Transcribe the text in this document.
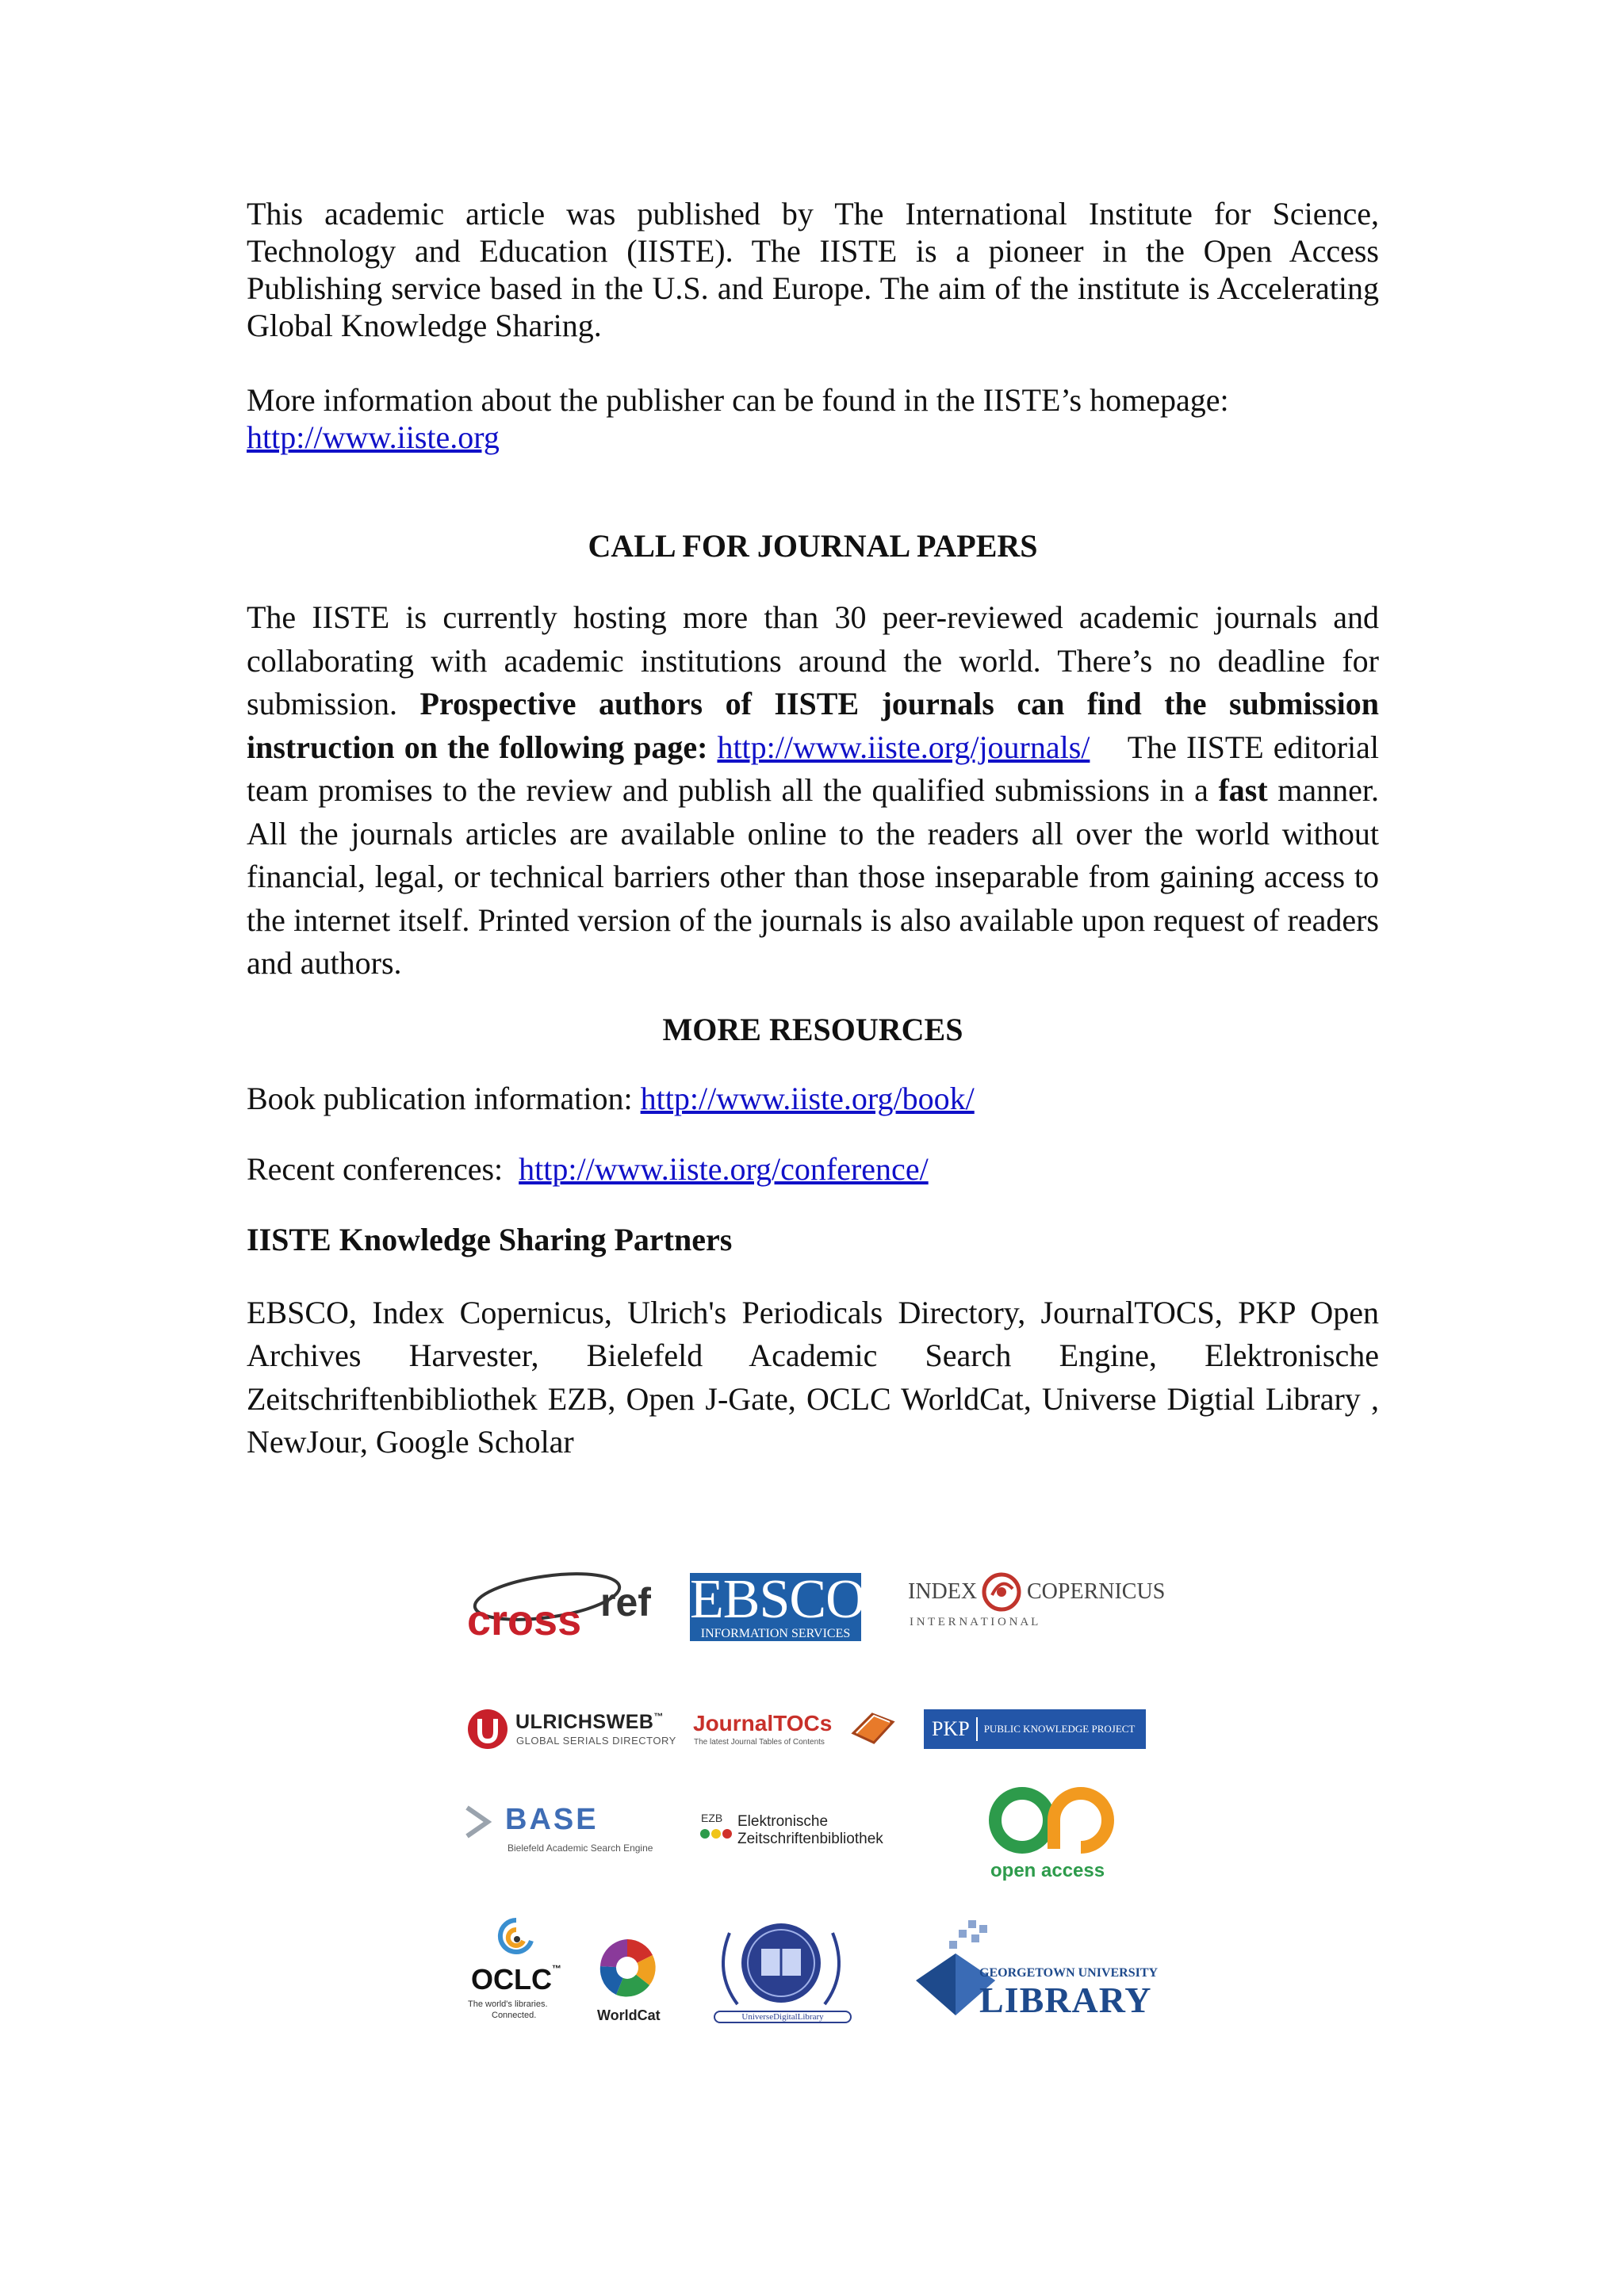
This academic article was published by The International Institute for Science, Technology and Education (IISTE). The IISTE is a pioneer in the Open Access Publishing service based in the U.S. and Europe. The aim of the institute is Accelerating Global Knowledge Sharing.

More information about the publisher can be found in the IISTE’s homepage:
http://www.iiste.org

CALL FOR JOURNAL PAPERS

The IISTE is currently hosting more than 30 peer-reviewed academic journals and collaborating with academic institutions around the world. There’s no deadline for submission. Prospective authors of IISTE journals can find the submission instruction on the following page: http://www.iiste.org/journals/    The IISTE editorial team promises to the review and publish all the qualified submissions in a fast manner. All the journals articles are available online to the readers all over the world without financial, legal, or technical barriers other than those inseparable from gaining access to the internet itself. Printed version of the journals is also available upon request of readers and authors.

MORE RESOURCES

Book publication information: http://www.iiste.org/book/

Recent conferences:  http://www.iiste.org/conference/

IISTE Knowledge Sharing Partners

EBSCO, Index Copernicus, Ulrich's Periodicals Directory, JournalTOCS, PKP Open Archives Harvester, Bielefeld Academic Search Engine, Elektronische Zeitschriftenbibliothek EZB, Open J-Gate, OCLC WorldCat, Universe Digtial Library , NewJour, Google Scholar

cross ref EBSCO
INFORMATION SERVICES
INDEX COPERNICUS
I N T E R N A T I O N A L
ULRICHSWEB™
GLOBAL SERIALS DIRECTORY
JournalTOCs
The latest Journal Tables of Contents
PKP PUBLIC KNOWLEDGE PROJECT
BASE
Bielefeld Academic Search Engine
EZB Elektronische
Zeitschriftenbibliothek
open access
OCLC™
The world's libraries.
Connected.	WorldCat	UniverseDigitalLibrary
GEORGETOWN UNIVERSITY
LIBRARY
